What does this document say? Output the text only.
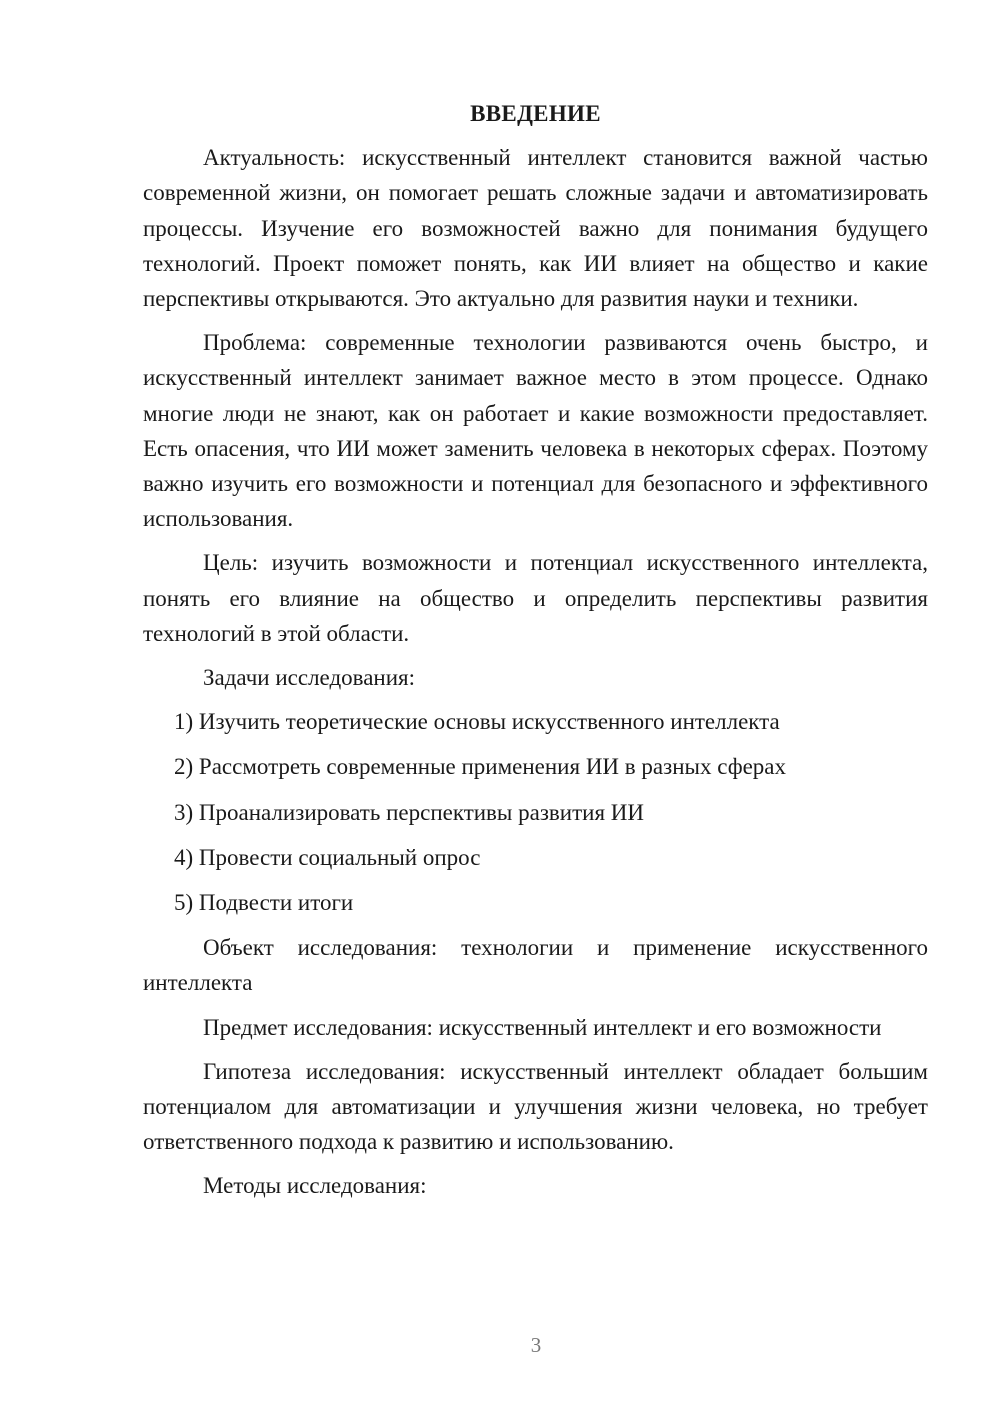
ВВЕДЕНИЕ

Актуальность: искусственный интеллект становится важной частью современной жизни, он помогает решать сложные задачи и автоматизировать процессы. Изучение его возможностей важно для понимания будущего технологий. Проект поможет понять, как ИИ влияет на общество и какие перспективы открываются. Это актуально для развития науки и техники.

Проблема: современные технологии развиваются очень быстро, и искусственный интеллект занимает важное место в этом процессе. Однако многие люди не знают, как он работает и какие возможности предоставляет. Есть опасения, что ИИ может заменить человека в некоторых сферах. Поэтому важно изучить его возможности и потенциал для безопасного и эффективного использования.

Цель: изучить возможности и потенциал искусственного интеллекта, понять его влияние на общество и определить перспективы развития технологий в этой области.

Задачи исследования:

1) Изучить теоретические основы искусственного интеллекта
2) Рассмотреть современные применения ИИ в разных сферах
3) Проанализировать перспективы развития ИИ
4) Провести социальный опрос
5) Подвести итоги

Объект исследования: технологии и применение искусственного интеллекта

Предмет исследования: искусственный интеллект и его возможности

Гипотеза исследования: искусственный интеллект обладает большим потенциалом для автоматизации и улучшения жизни человека, но требует ответственного подхода к развитию и использованию.

Методы исследования:

3
